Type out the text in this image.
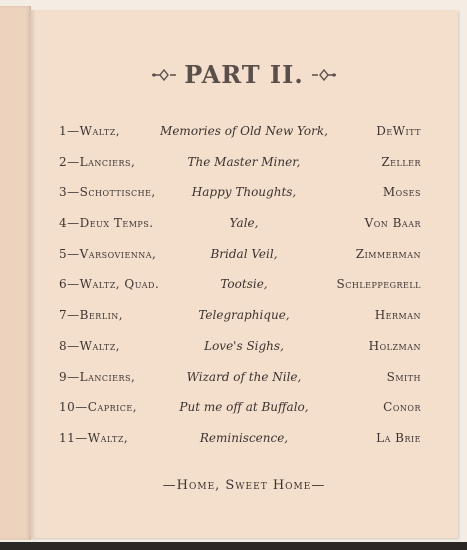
PART II.
1—Waltz,	Memories of Old New York,	DeWitt
2—Lanciers,	The Master Miner,	Zeller
3—Schottische,	Happy Thoughts,	Moses
4—Deux Temps.	Yale,	Von Baar
5—Varsovienna,	Bridal Veil,	Zimmerman
6—Waltz, Quad.	Tootsie,	Schleppegrell
7—Berlin,	Telegraphique,	Herman
8—Waltz,	Love's Sighs,	Holzman
9—Lanciers,	Wizard of the Nile,	Smith
10—Caprice,	Put me off at Buffalo,	Conor
11—Waltz,	Reminiscence,	La Brie
—Home, Sweet Home—
